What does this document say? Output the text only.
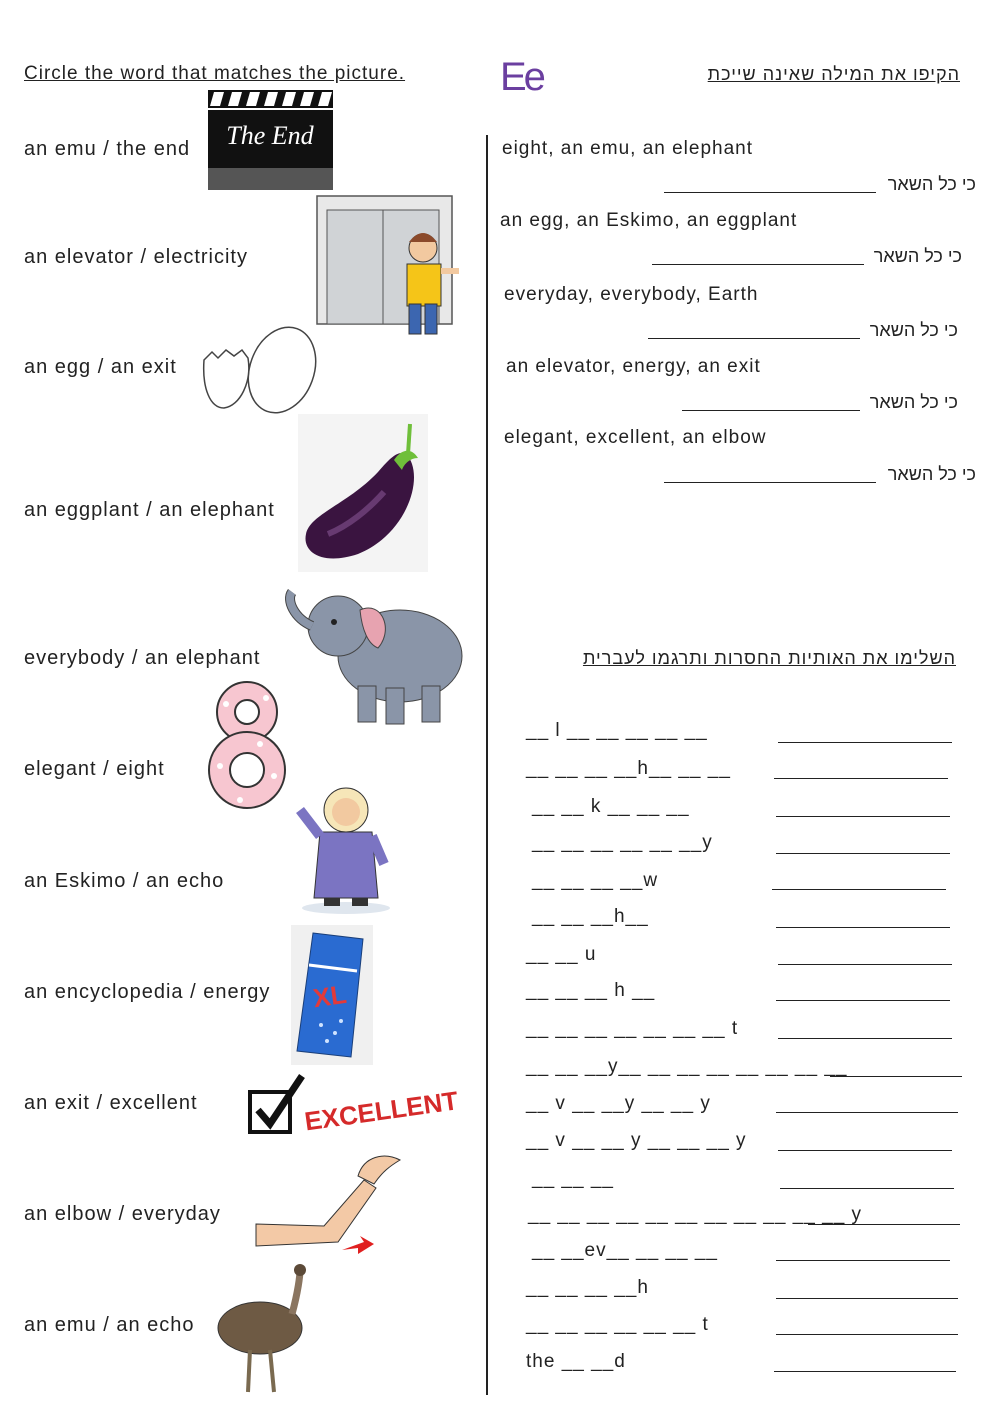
Circle the word that matches the picture. Ee	הקיפו את המילה שאינה שייכת
an emu / the end The End
an elevator / electricity
an egg / an exit
an eggplant / an elephant
everybody / an elephant
elegant / eight
an Eskimo / an echo
an encyclopedia / energy XL
an exit / excellent	EXCELLENT
an elbow / everyday
an emu / an echo
eight, an emu, an elephant
כי כל השאר
an egg, an Eskimo, an eggplant
כי כל השאר
everyday, everybody, Earth
כי כל השאר
an elevator, energy, an exit
כי כל השאר
elegant, excellent, an elbow
כי כל השאר
השלימו את האותיות החסרות ותרגמו לעברית
__ l __ __ __ __ __
__ __ __ __h__ __ __
__ __ k __ __ __
__ __ __ __ __ __y
__ __ __ __w
__ __ __h__
__ __ u
__ __ __ h __
__ __ __ __ __ __ __ t
__ __ __y__ __ __ __ __ __ __ __
__ v __ __y __ __ y
__ v __ __ y __ __ __ y
__ __ __
__ __ __ __ __ __ __ __ __ __ __ y
__ __ev__ __ __ __
__ __ __ __h
__ __ __ __ __ __ t
the __ __d
